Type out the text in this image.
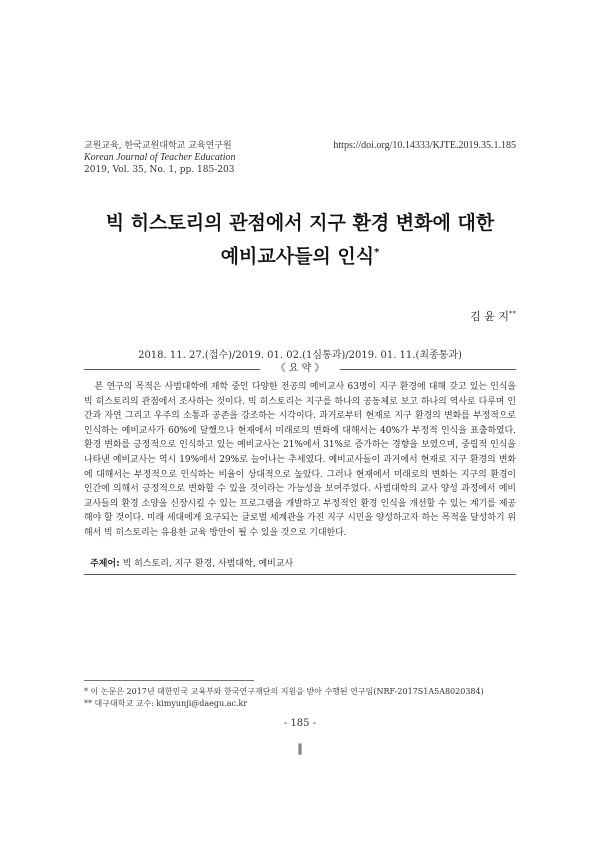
교원교육, 한국교원대학교 교육연구원
Korean Journal of Teacher Education
2019, Vol. 35, No. 1, pp. 185-203
https://doi.org/10.14333/KJTE.2019.35.1.185
빅 히스토리의 관점에서 지구 환경 변화에 대한
예비교사들의 인식*
김 윤 지**
2018. 11. 27.(접수)/2019. 01. 02.(1심통과)/2019. 01. 11.(최종통과)
《 요 약 》
본 연구의 목적은 사범대학에 재학 중인 다양한 전공의 예비교사 63명이 지구 환경에 대해 갖고 있는 인식을 빅 히스토리의 관점에서 조사하는 것이다. 빅 히스토리는 지구를 하나의 공동체로 보고 하나의 역사로 다루며 인간과 자연 그리고 우주의 소통과 공존을 강조하는 시각이다. 과거로부터 현재로 지구 환경의 변화를 부정적으로 인식하는 예비교사가 60%에 달했으나 현재에서 미래로의 변화에 대해서는 40%가 부정적 인식을 표출하였다. 환경 변화를 긍정적으로 인식하고 있는 예비교사는 21%에서 31%로 증가하는 경향을 보였으며, 중립적 인식을 나타낸 예비교사는 역시 19%에서 29%로 늘어나는 추세였다. 예비교사들이 과거에서 현재로 지구 환경의 변화에 대해서는 부정적으로 인식하는 비율이 상대적으로 높았다. 그러나 현재에서 미래로의 변화는 지구의 환경이 인간에 의해서 긍정적으로 변화할 수 있을 것이라는 가능성을 보여주었다. 사범대학의 교사 양성 과정에서 예비교사들의 환경 소양을 신장시킬 수 있는 프로그램을 개발하고 부정적인 환경 인식을 개선할 수 있는 계기를 제공해야 할 것이다. 미래 세대에게 요구되는 글로벌 세계관을 가진 지구 시민을 양성하고자 하는 목적을 달성하기 위해서 빅 히스토리는 유용한 교육 방안이 될 수 있을 것으로 기대한다.
주제어: 빅 히스토리, 지구 환경, 사범대학, 예비교사
* 이 논문은 2017년 대한민국 교육부와 한국연구재단의 지원을 받아 수행된 연구임(NRF-2017S1A5A8020384)
** 대구대학교 교수: kimyunji@daegu.ac.kr
- 185 -
‖
